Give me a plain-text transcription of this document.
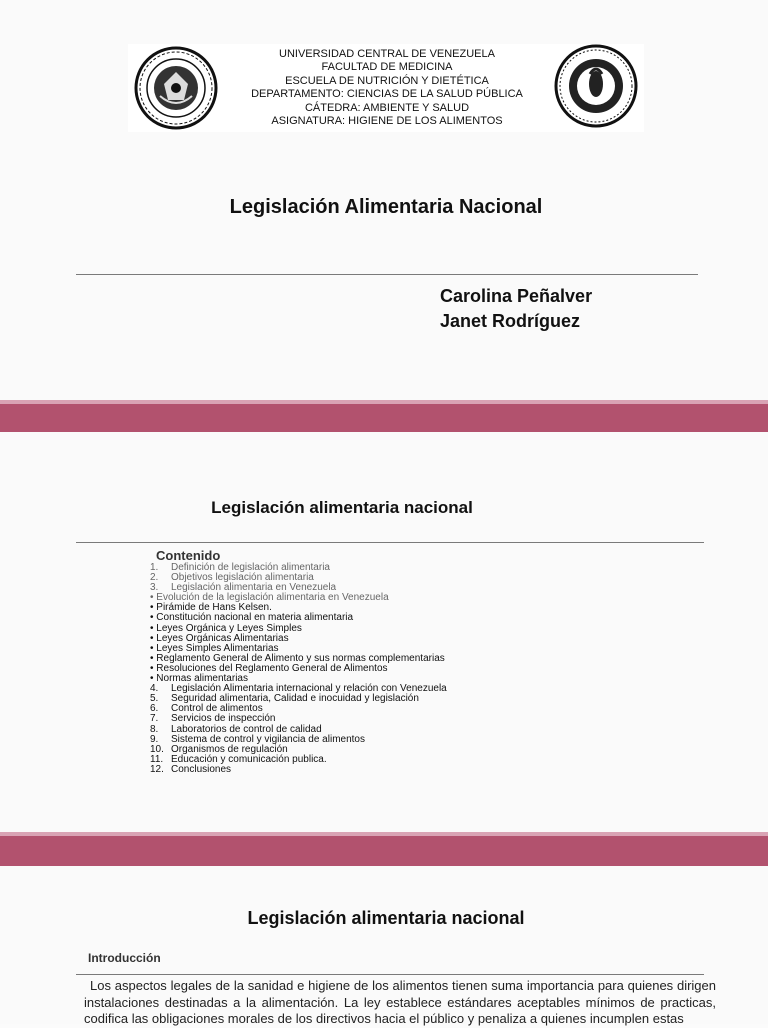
UNIVERSIDAD CENTRAL DE VENEZUELA
FACULTAD DE MEDICINA
ESCUELA DE NUTRICIÓN Y DIETÉTICA
DEPARTAMENTO: CIENCIAS DE LA SALUD PÚBLICA
CÁTEDRA: AMBIENTE Y SALUD
ASIGNATURA: HIGIENE DE LOS ALIMENTOS
Legislación Alimentaria Nacional
Carolina Peñalver
Janet Rodríguez
Legislación alimentaria nacional
Contenido
1. Definición de legislación alimentaria
2. Objetivos legislación alimentaria
3. Legislación alimentaria en Venezuela
• Evolución de la legislación alimentaria en Venezuela
• Pirámide de Hans Kelsen.
• Constitución nacional en materia alimentaria
• Leyes Orgánica y Leyes Simples
• Leyes Orgánicas Alimentarias
• Leyes Simples Alimentarias
• Reglamento General de Alimento y sus normas complementarias
• Resoluciones del Reglamento General de Alimentos
• Normas alimentarias
4. Legislación Alimentaria internacional y relación con Venezuela
5. Seguridad alimentaria, Calidad e inocuidad y legislación
6. Control de alimentos
7. Servicios de inspección
8. Laboratorios de control de calidad
9. Sistema de control y vigilancia de alimentos
10. Organismos de regulación
11. Educación y comunicación publica.
12. Conclusiones
Legislación alimentaria nacional
Introducción
Los aspectos legales de la sanidad e higiene de los alimentos tienen suma importancia para quienes dirigen instalaciones destinadas a la alimentación. La ley establece estándares aceptables mínimos de practicas, codifica las obligaciones morales de los directivos hacia el público y penaliza a quienes incumplen estas
